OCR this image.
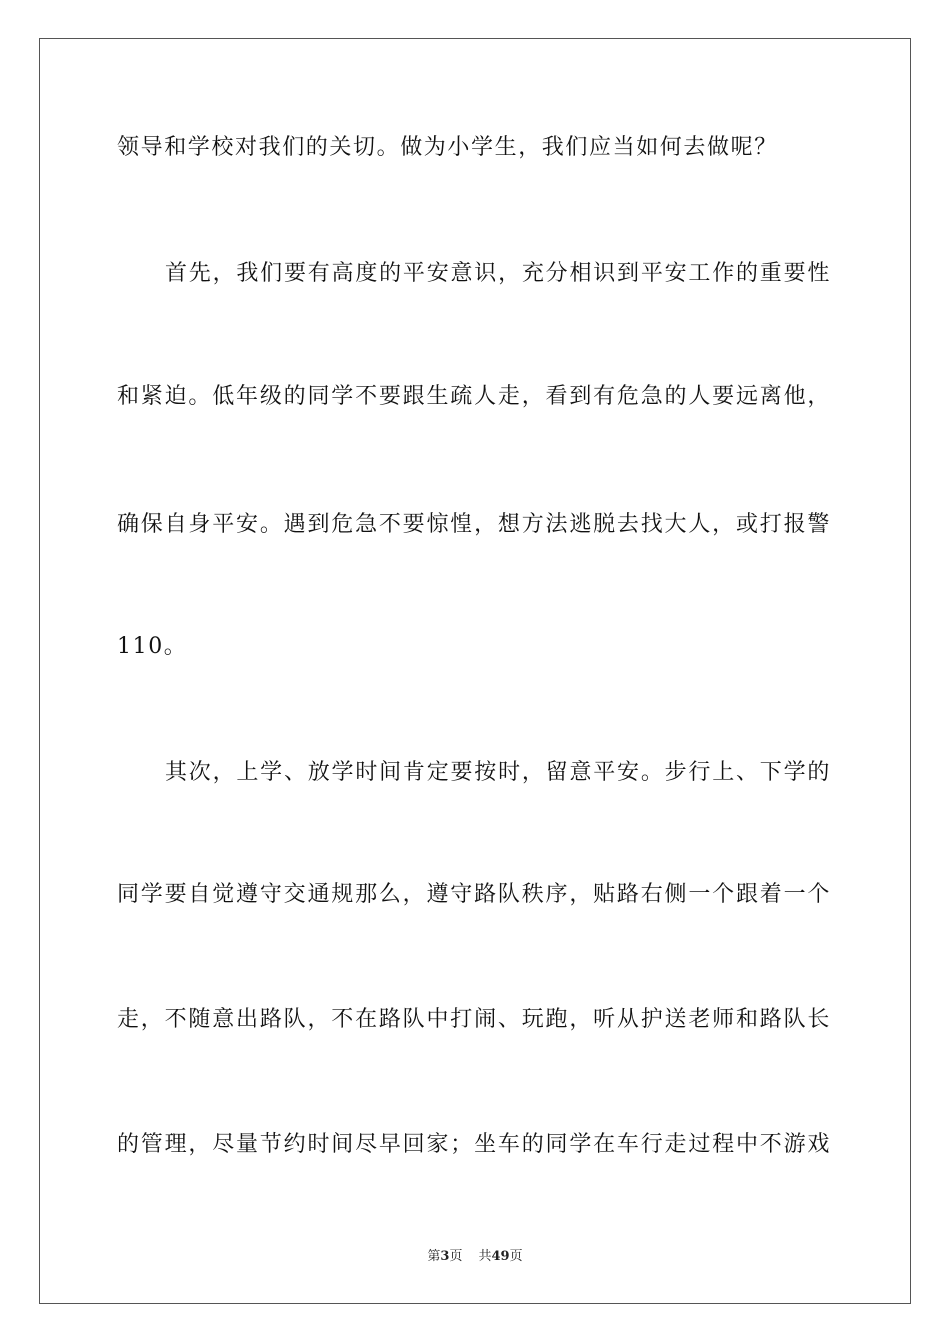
领导和学校对我们的关切。做为小学生，我们应当如何去做呢？
首先，我们要有高度的平安意识，充分相识到平安工作的重要性
和紧迫。低年级的同学不要跟生疏人走，看到有危急的人要远离他，
确保自身平安。遇到危急不要惊惶，想方法逃脱去找大人，或打报警
110。
其次，上学、放学时间肯定要按时，留意平安。步行上、下学的
同学要自觉遵守交通规那么，遵守路队秩序，贴路右侧一个跟着一个
走，不随意出路队，不在路队中打闹、玩跑，听从护送老师和路队长
的管理，尽量节约时间尽早回家；坐车的同学在车行走过程中不游戏
第3页 共49页
